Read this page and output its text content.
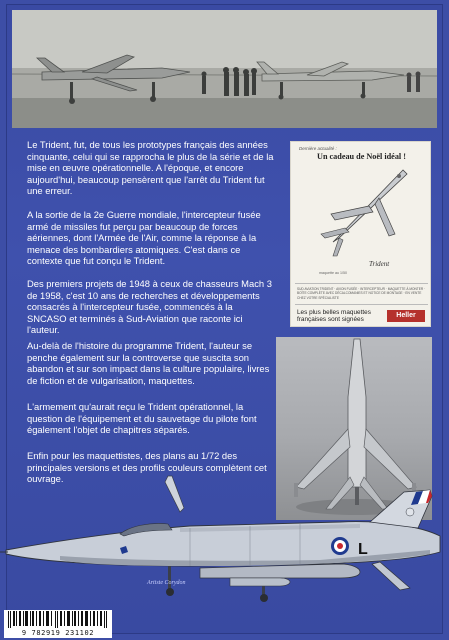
Le Trident, fut, de tous les prototypes français des années cinquante, celui qui se rapprocha le plus de la série et de la mise en œuvre opérationnelle. A l'époque, et encore aujourd'hui, beaucoup pensèrent que l'arrêt du Trident fut une erreur.

A la sortie de la 2e Guerre mondiale, l'intercepteur fusée armé de missiles fut perçu par beaucoup de forces aériennes, dont l'Armée de l'Air, comme la réponse à la menace des bombardiers atomiques. C'est dans ce contexte que fut conçu le Trident.

Des premiers projets de 1948 à ceux de chasseurs Mach 3 de 1958, c'est 10 ans de recherches et développements consacrés à l'intercepteur fusée, commencés à la SNCASO et terminés à Sud-Aviation que raconte ici l'auteur.

Au-delà de l'histoire du programme Trident, l'auteur se penche également sur la controverse que suscita son abandon et sur son impact dans la culture populaire, livres de fiction et de vulgarisation, maquettes.

L'armement qu'aurait reçu le Trident opérationnel, la question de l'équipement et du sauvetage du pilote font également l'objet de chapitres séparés.

Enfin pour les maquettistes, des plans au 1/72 des principales versions et des profils couleurs complètent cet ouvrage.

Dernière actualité :
Un cadeau de Noël idéal !
Trident
maquette au 1/50
SUD AVIATION TRIDENT · AVION FUSÉE · INTERCEPTEUR · MAQUETTE À MONTER · BOÎTE COMPLÈTE AVEC DÉCALCOMANIES ET NOTICE DE MONTAGE · EN VENTE CHEZ VOTRE SPÉCIALISTE
Les plus belles maquettes
françaises sont signées
Heller
L
Artiste Corydon
9 782919 231102
